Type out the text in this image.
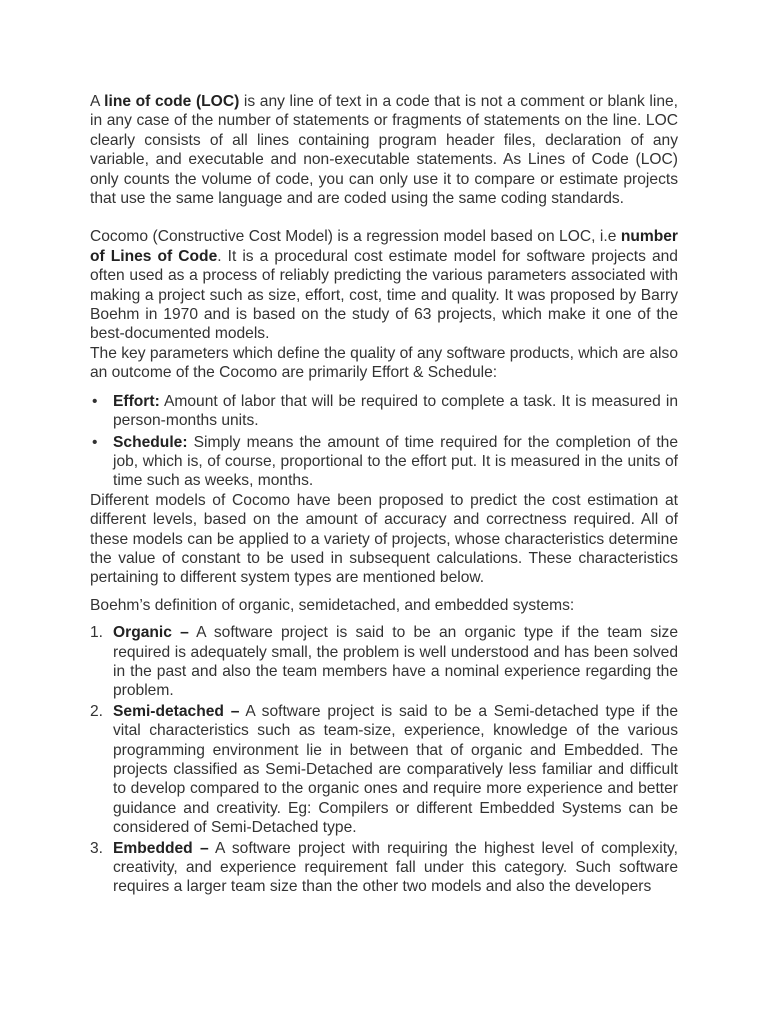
A line of code (LOC) is any line of text in a code that is not a comment or blank line, in any case of the number of statements or fragments of statements on the line. LOC clearly consists of all lines containing program header files, declaration of any variable, and executable and non-executable statements. As Lines of Code (LOC) only counts the volume of code, you can only use it to compare or estimate projects that use the same language and are coded using the same coding standards.

Cocomo (Constructive Cost Model) is a regression model based on LOC, i.e number of Lines of Code. It is a procedural cost estimate model for software projects and often used as a process of reliably predicting the various parameters associated with making a project such as size, effort, cost, time and quality. It was proposed by Barry Boehm in 1970 and is based on the study of 63 projects, which make it one of the best-documented models.

The key parameters which define the quality of any software products, which are also an outcome of the Cocomo are primarily Effort & Schedule:

• Effort: Amount of labor that will be required to complete a task. It is measured in person-months units.
• Schedule: Simply means the amount of time required for the completion of the job, which is, of course, proportional to the effort put. It is measured in the units of time such as weeks, months.

Different models of Cocomo have been proposed to predict the cost estimation at different levels, based on the amount of accuracy and correctness required. All of these models can be applied to a variety of projects, whose characteristics determine the value of constant to be used in subsequent calculations. These characteristics pertaining to different system types are mentioned below.

Boehm’s definition of organic, semidetached, and embedded systems:

1. Organic – A software project is said to be an organic type if the team size required is adequately small, the problem is well understood and has been solved in the past and also the team members have a nominal experience regarding the problem.
2. Semi-detached – A software project is said to be a Semi-detached type if the vital characteristics such as team-size, experience, knowledge of the various programming environment lie in between that of organic and Embedded. The projects classified as Semi-Detached are comparatively less familiar and difficult to develop compared to the organic ones and require more experience and better guidance and creativity. Eg: Compilers or different Embedded Systems can be considered of Semi-Detached type.
3. Embedded – A software project with requiring the highest level of complexity, creativity, and experience requirement fall under this category. Such software requires a larger team size than the other two models and also the developers
